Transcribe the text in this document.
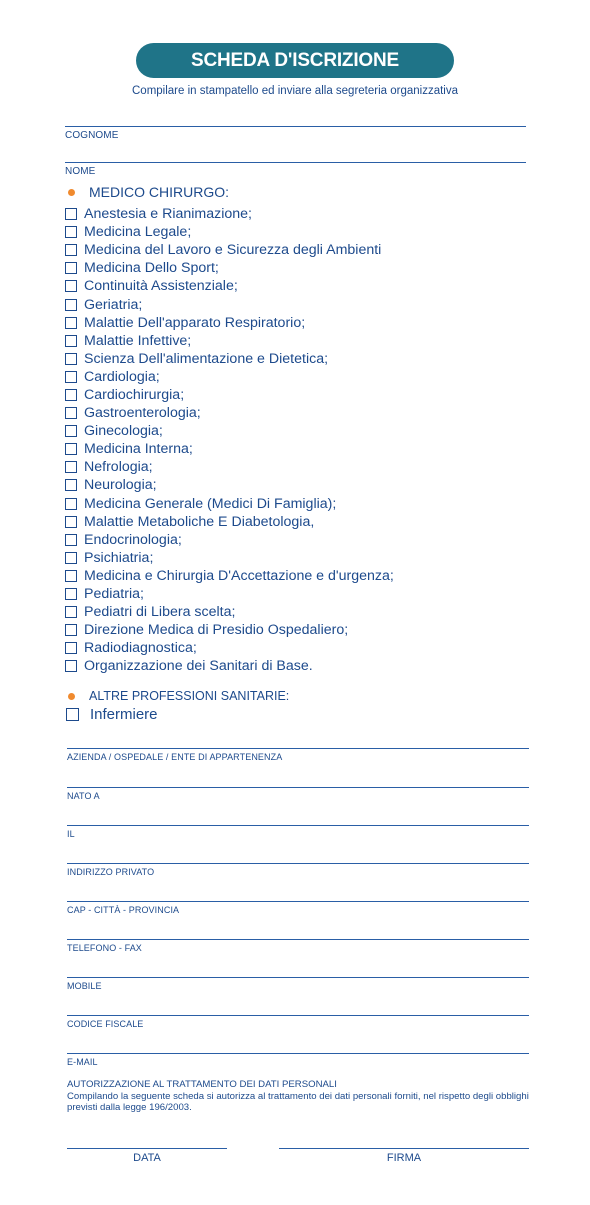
SCHEDA D'ISCRIZIONE
Compilare in stampatello ed inviare alla segreteria organizzativa
COGNOME
NOME
MEDICO CHIRURGO:
Anestesia e Rianimazione;
Medicina Legale;
Medicina del Lavoro e Sicurezza degli Ambienti
Medicina Dello Sport;
Continuità Assistenziale;
Geriatria;
Malattie Dell'apparato Respiratorio;
Malattie Infettive;
Scienza Dell'alimentazione e Dietetica;
Cardiologia;
Cardiochirurgia;
Gastroenterologia;
Ginecologia;
Medicina Interna;
Nefrologia;
Neurologia;
Medicina Generale (Medici Di Famiglia);
Malattie Metaboliche E Diabetologia,
Endocrinologia;
Psichiatria;
Medicina e Chirurgia D'Accettazione e d'urgenza;
Pediatria;
Pediatri di Libera scelta;
Direzione Medica di Presidio Ospedaliero;
Radiodiagnostica;
Organizzazione dei Sanitari di Base.
ALTRE PROFESSIONI SANITARIE:
Infermiere
AZIENDA / OSPEDALE / ENTE DI APPARTENENZA
NATO A
IL
INDIRIZZO PRIVATO
CAP - CITTÀ - PROVINCIA
TELEFONO - FAX
MOBILE
CODICE FISCALE
E-MAIL
AUTORIZZAZIONE AL TRATTAMENTO DEI DATI PERSONALI
Compilando la seguente scheda si autorizza al trattamento dei dati personali forniti, nel rispetto degli obblighi previsti dalla legge 196/2003.
DATA	FIRMA
